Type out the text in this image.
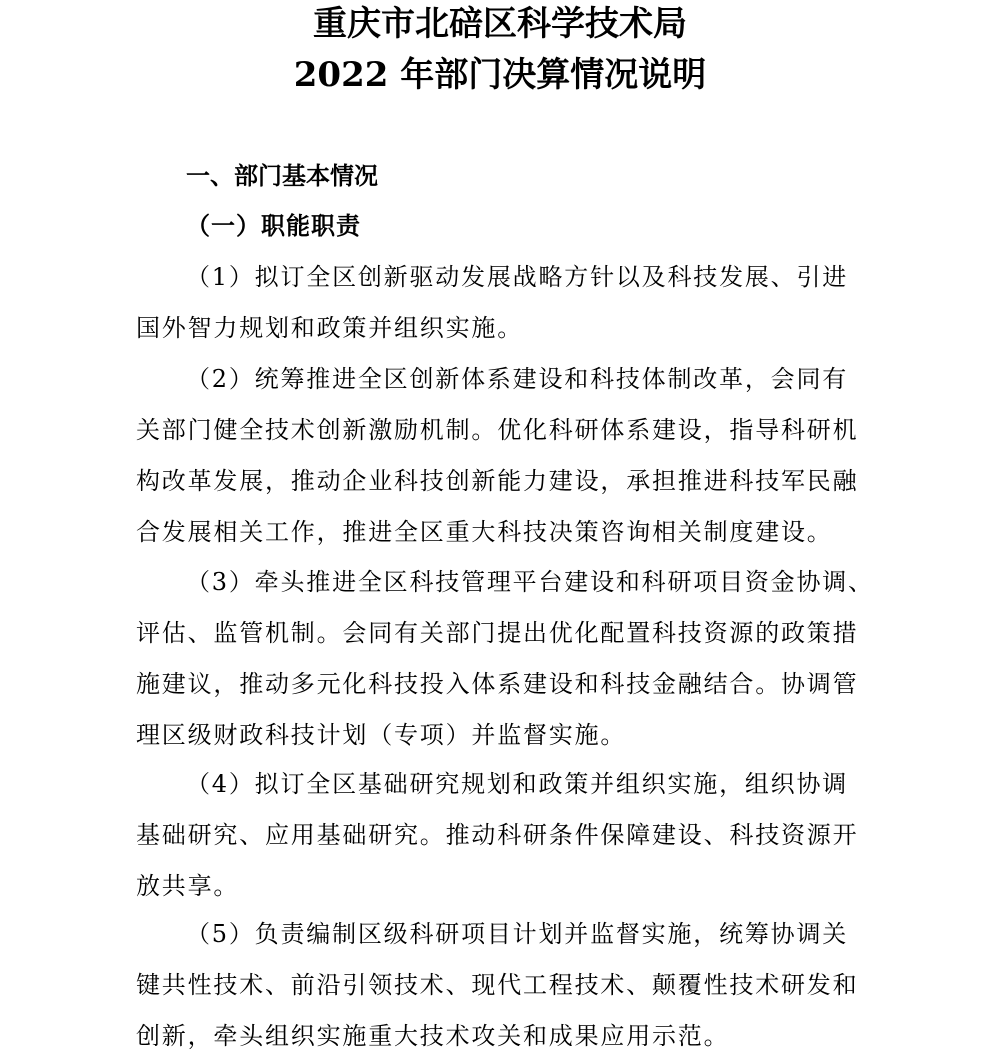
重庆市北碚区科学技术局
2022 年部门决算情况说明
一、部门基本情况
（一）职能职责

（1）拟订全区创新驱动发展战略方针以及科技发展、引进
国外智力规划和政策并组织实施。

（2）统筹推进全区创新体系建设和科技体制改革，会同有
关部门健全技术创新激励机制。优化科研体系建设，指导科研机
构改革发展，推动企业科技创新能力建设，承担推进科技军民融
合发展相关工作，推进全区重大科技决策咨询相关制度建设。

（3）牵头推进全区科技管理平台建设和科研项目资金协调、
评估、监管机制。会同有关部门提出优化配置科技资源的政策措
施建议，推动多元化科技投入体系建设和科技金融结合。协调管
理区级财政科技计划（专项）并监督实施。

（4）拟订全区基础研究规划和政策并组织实施，组织协调
基础研究、应用基础研究。推动科研条件保障建设、科技资源开
放共享。

（5）负责编制区级科研项目计划并监督实施，统筹协调关
键共性技术、前沿引领技术、现代工程技术、颠覆性技术研发和
创新，牵头组织实施重大技术攻关和成果应用示范。
